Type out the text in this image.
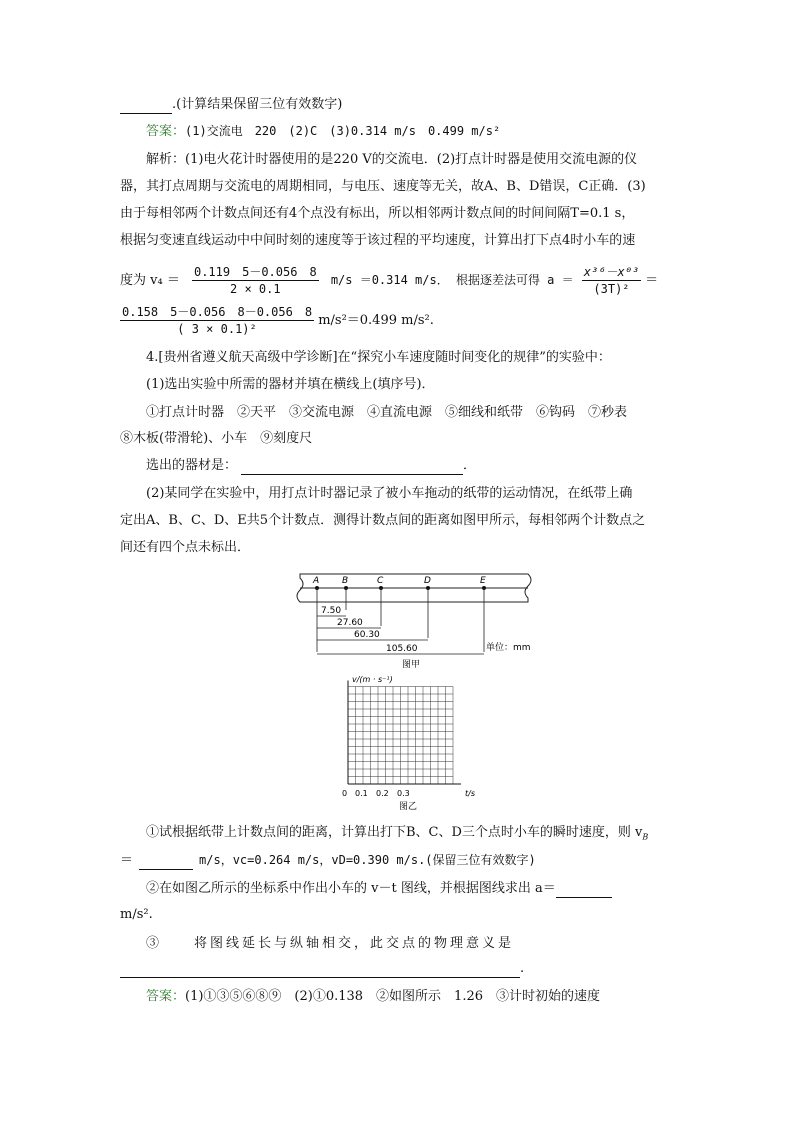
.(计算结果保留三位有效数字)
答案：(1)交流电　220　(2)C　(3)0.314 m/s　0.499 m/s²
解析：(1)电火花计时器使用的是220 V的交流电．(2)打点计时器是使用交流电源的仪
器，其打点周期与交流电的周期相同，与电压、速度等无关，故A、B、D错误，C正确．(3)
由于每相邻两个计数点间还有4个点没有标出，所以相邻两计数点间的时间间隔T=0.1 s，
根据匀变速直线运动中中间时刻的速度等于该过程的平均速度，计算出打下点4时小车的速
度为 $v_4 = \frac{0.119 5-0.056 8}{2 \times 0.1} m/s =0.314$ m/s． 根据逐差法可得 $a = \frac{\text{x³⁶－x⁰³}}{\text{(3T)²}}$ ＝
$\frac{0.158 5-0.056 8-0.056 8}{\text{( 3 × 0.1)²}} m/s^2=0.499$ m/s².
4.[贵州省遵义航天高级中学诊断]在“探究小车速度随时间变化的规律”的实验中：
(1)选出实验中所需的器材并填在横线上(填序号)．
①打点计时器　②天平　③交流电源　④直流电源　⑤细线和纸带　⑥钩码　⑦秒表
⑧木板(带滑轮)、小车　⑨刻度尺
选出的器材是：	．
(2)某同学在实验中，用打点计时器记录了被小车拖动的纸带的运动情况，在纸带上确
定出A、B、C、D、E共5个计数点．测得计数点间的距离如图甲所示，每相邻两个计数点之
间还有四个点未标出．
A	B	C	D	E
7.50
27.60
60.30
105.60	单位：mm
图甲
v/(m · s⁻¹)
t/s
0 0.1 0.2 0.3
图乙
①试根据纸带上计数点间的距离，计算出打下B、C、D三个点时小车的瞬时速度，则 $v_B$
＝	m/s，vc=0.264 m/s，vD=0.390 m/s.(保留三位有效数字)
②在如图乙所示的坐标系中作出小车的 v－t 图线，并根据图线求出 a＝
m/s².
③　　将图线延长与纵轴相交，此交点的物理意义是
.
答案：(1)①③⑤⑥⑧⑨　(2)①0.138　②如图所示　1.26　③计时初始的速度
